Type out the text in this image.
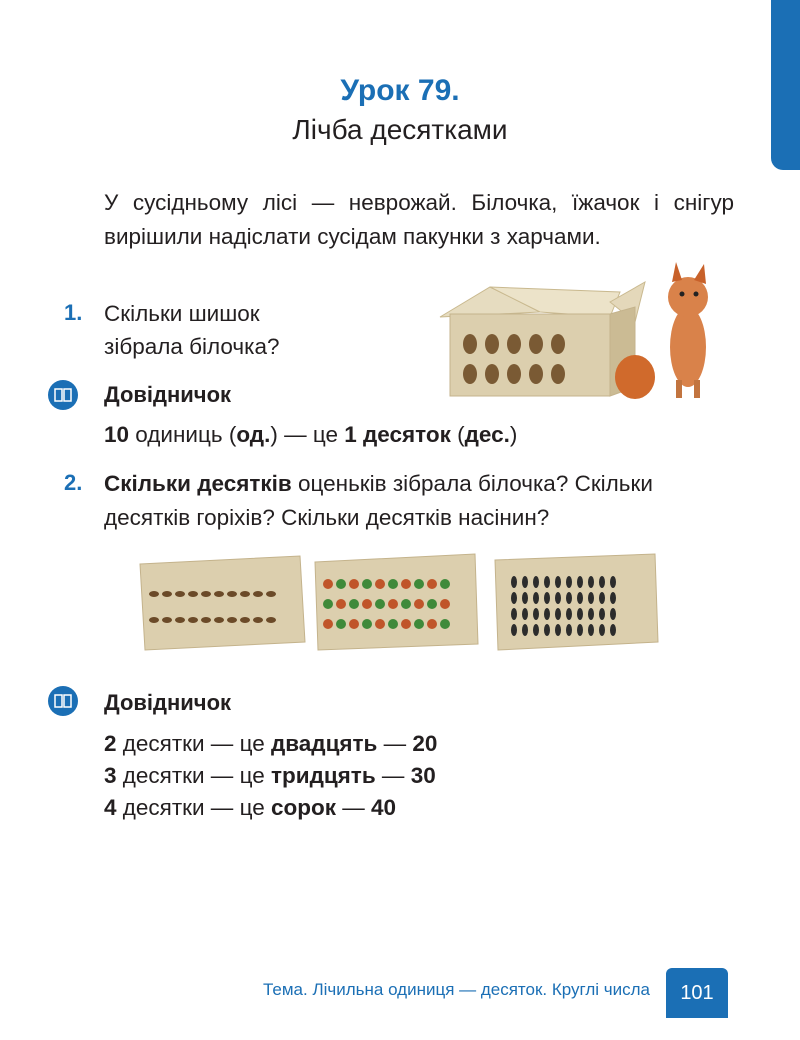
Урок 79.
Лічба десятками
У сусідньому лісі — неврожай. Білочка, їжачок і снігур вирішили надіслати сусідам пакунки з харчами.
1. Скільки шишок зібрала білочка?
Довідничок
10 одиниць (од.) — це 1 десяток (дес.)
2. Скільки десятків оценьків зібрала білочка? Скільки десятків горіхів? Скільки десятків насінин?
Довідничок
2 десятки — це двадцять — 20
3 десятки — це тридцять — 30
4 десятки — це сорок — 40
Тема. Лічильна одиниця — десяток. Круглі числа	101
